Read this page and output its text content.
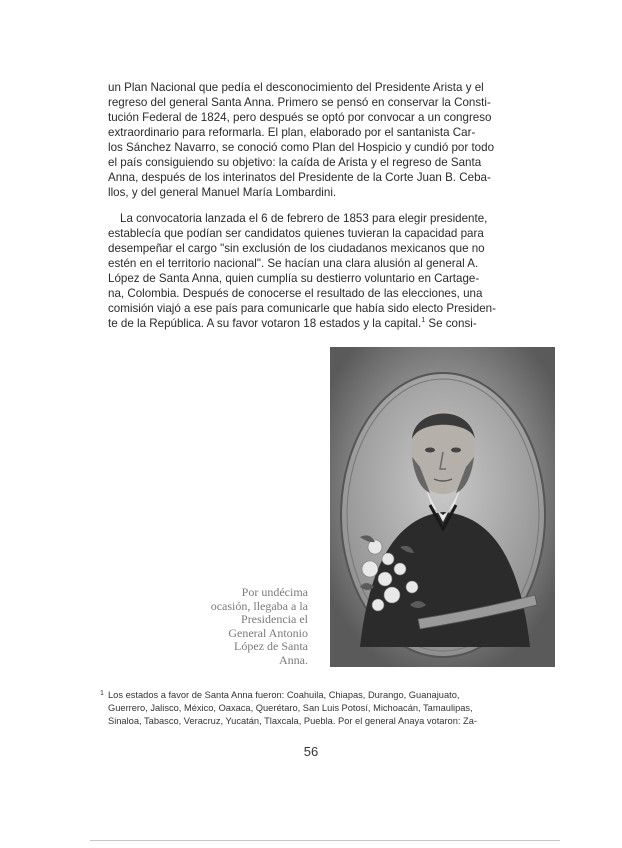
un Plan Nacional que pedía el desconocimiento del Presidente Arista y el
regreso del general Santa Anna. Primero se pensó en conservar la Consti-
tución Federal de 1824, pero después se optó por convocar a un congreso
extraordinario para reformarla. El plan, elaborado por el santanista Car-
los Sánchez Navarro, se conoció como Plan del Hospicio y cundió por todo
el país consiguiendo su objetivo: la caída de Arista y el regreso de Santa
Anna, después de los interinatos del Presidente de la Corte Juan B. Ceba-
llos, y del general Manuel María Lombardini.

La convocatoria lanzada el 6 de febrero de 1853 para elegir presidente,
establecía que podían ser candidatos quienes tuvieran la capacidad para
desempeñar el cargo "sin exclusión de los ciudadanos mexicanos que no
estén en el territorio nacional". Se hacían una clara alusión al general A.
López de Santa Anna, quien cumplía su destierro voluntario en Cartage-
na, Colombia. Después de conocerse el resultado de las elecciones, una
comisión viajó a ese país para comunicarle que había sido electo Presiden-
te de la República. A su favor votaron 18 estados y la capital.$^1$ Se consi-

Por undécima
ocasión, llegaba a la
Presidencia el
General Antonio
López de Santa
Anna.

1 Los estados a favor de Santa Anna fueron: Coahuila, Chiapas, Durango, Guanajuato,
Guerrero, Jalisco, México, Oaxaca, Querétaro, San Luis Potosí, Michoacán, Tamaulipas,
Sinaloa, Tabasco, Veracruz, Yucatán, Tlaxcala, Puebla. Por el general Anaya votaron: Za-
56
